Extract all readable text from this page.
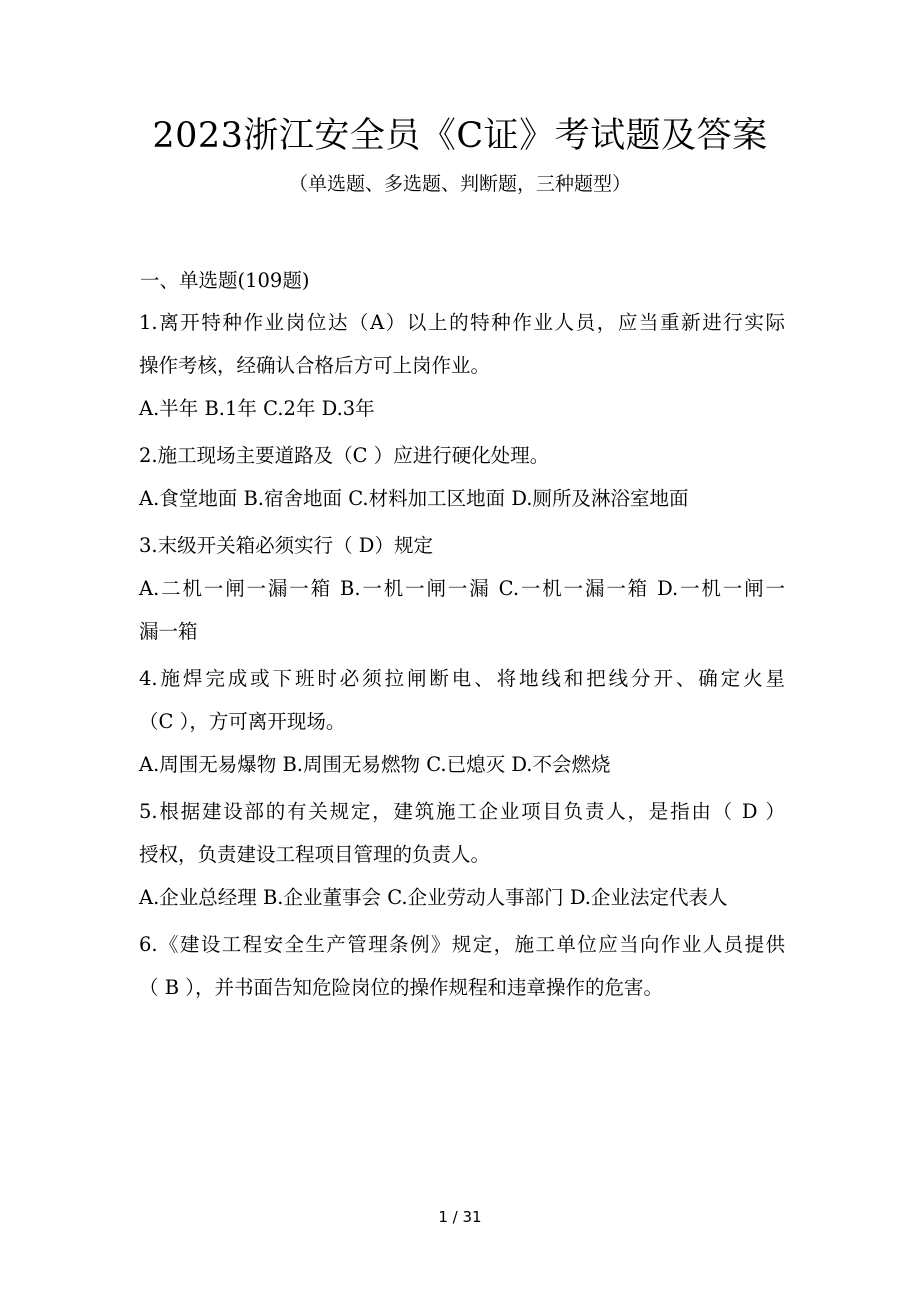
2023浙江安全员《C证》考试题及答案
（单选题、多选题、判断题，三种题型）
一、单选题(109题)
1.离开特种作业岗位达（A）以上的特种作业人员，应当重新进行实际
操作考核，经确认合格后方可上岗作业。
A.半年 B.1年 C.2年 D.3年
2.施工现场主要道路及（C ）应进行硬化处理。
A.食堂地面 B.宿舍地面 C.材料加工区地面 D.厕所及淋浴室地面
3.末级开关箱必须实行（ D）规定
A.二机一闸一漏一箱 B.一机一闸一漏 C.一机一漏一箱 D.一机一闸一
漏一箱
4.施焊完成或下班时必须拉闸断电、将地线和把线分开、确定火星
（C ），方可离开现场。
A.周围无易爆物 B.周围无易燃物 C.已熄灭 D.不会燃烧
5.根据建设部的有关规定，建筑施工企业项目负责人，是指由（ D ）
授权，负责建设工程项目管理的负责人。
A.企业总经理 B.企业董事会 C.企业劳动人事部门 D.企业法定代表人
6.《建设工程安全生产管理条例》规定，施工单位应当向作业人员提供
（ B ），并书面告知危险岗位的操作规程和违章操作的危害。
1 / 31
